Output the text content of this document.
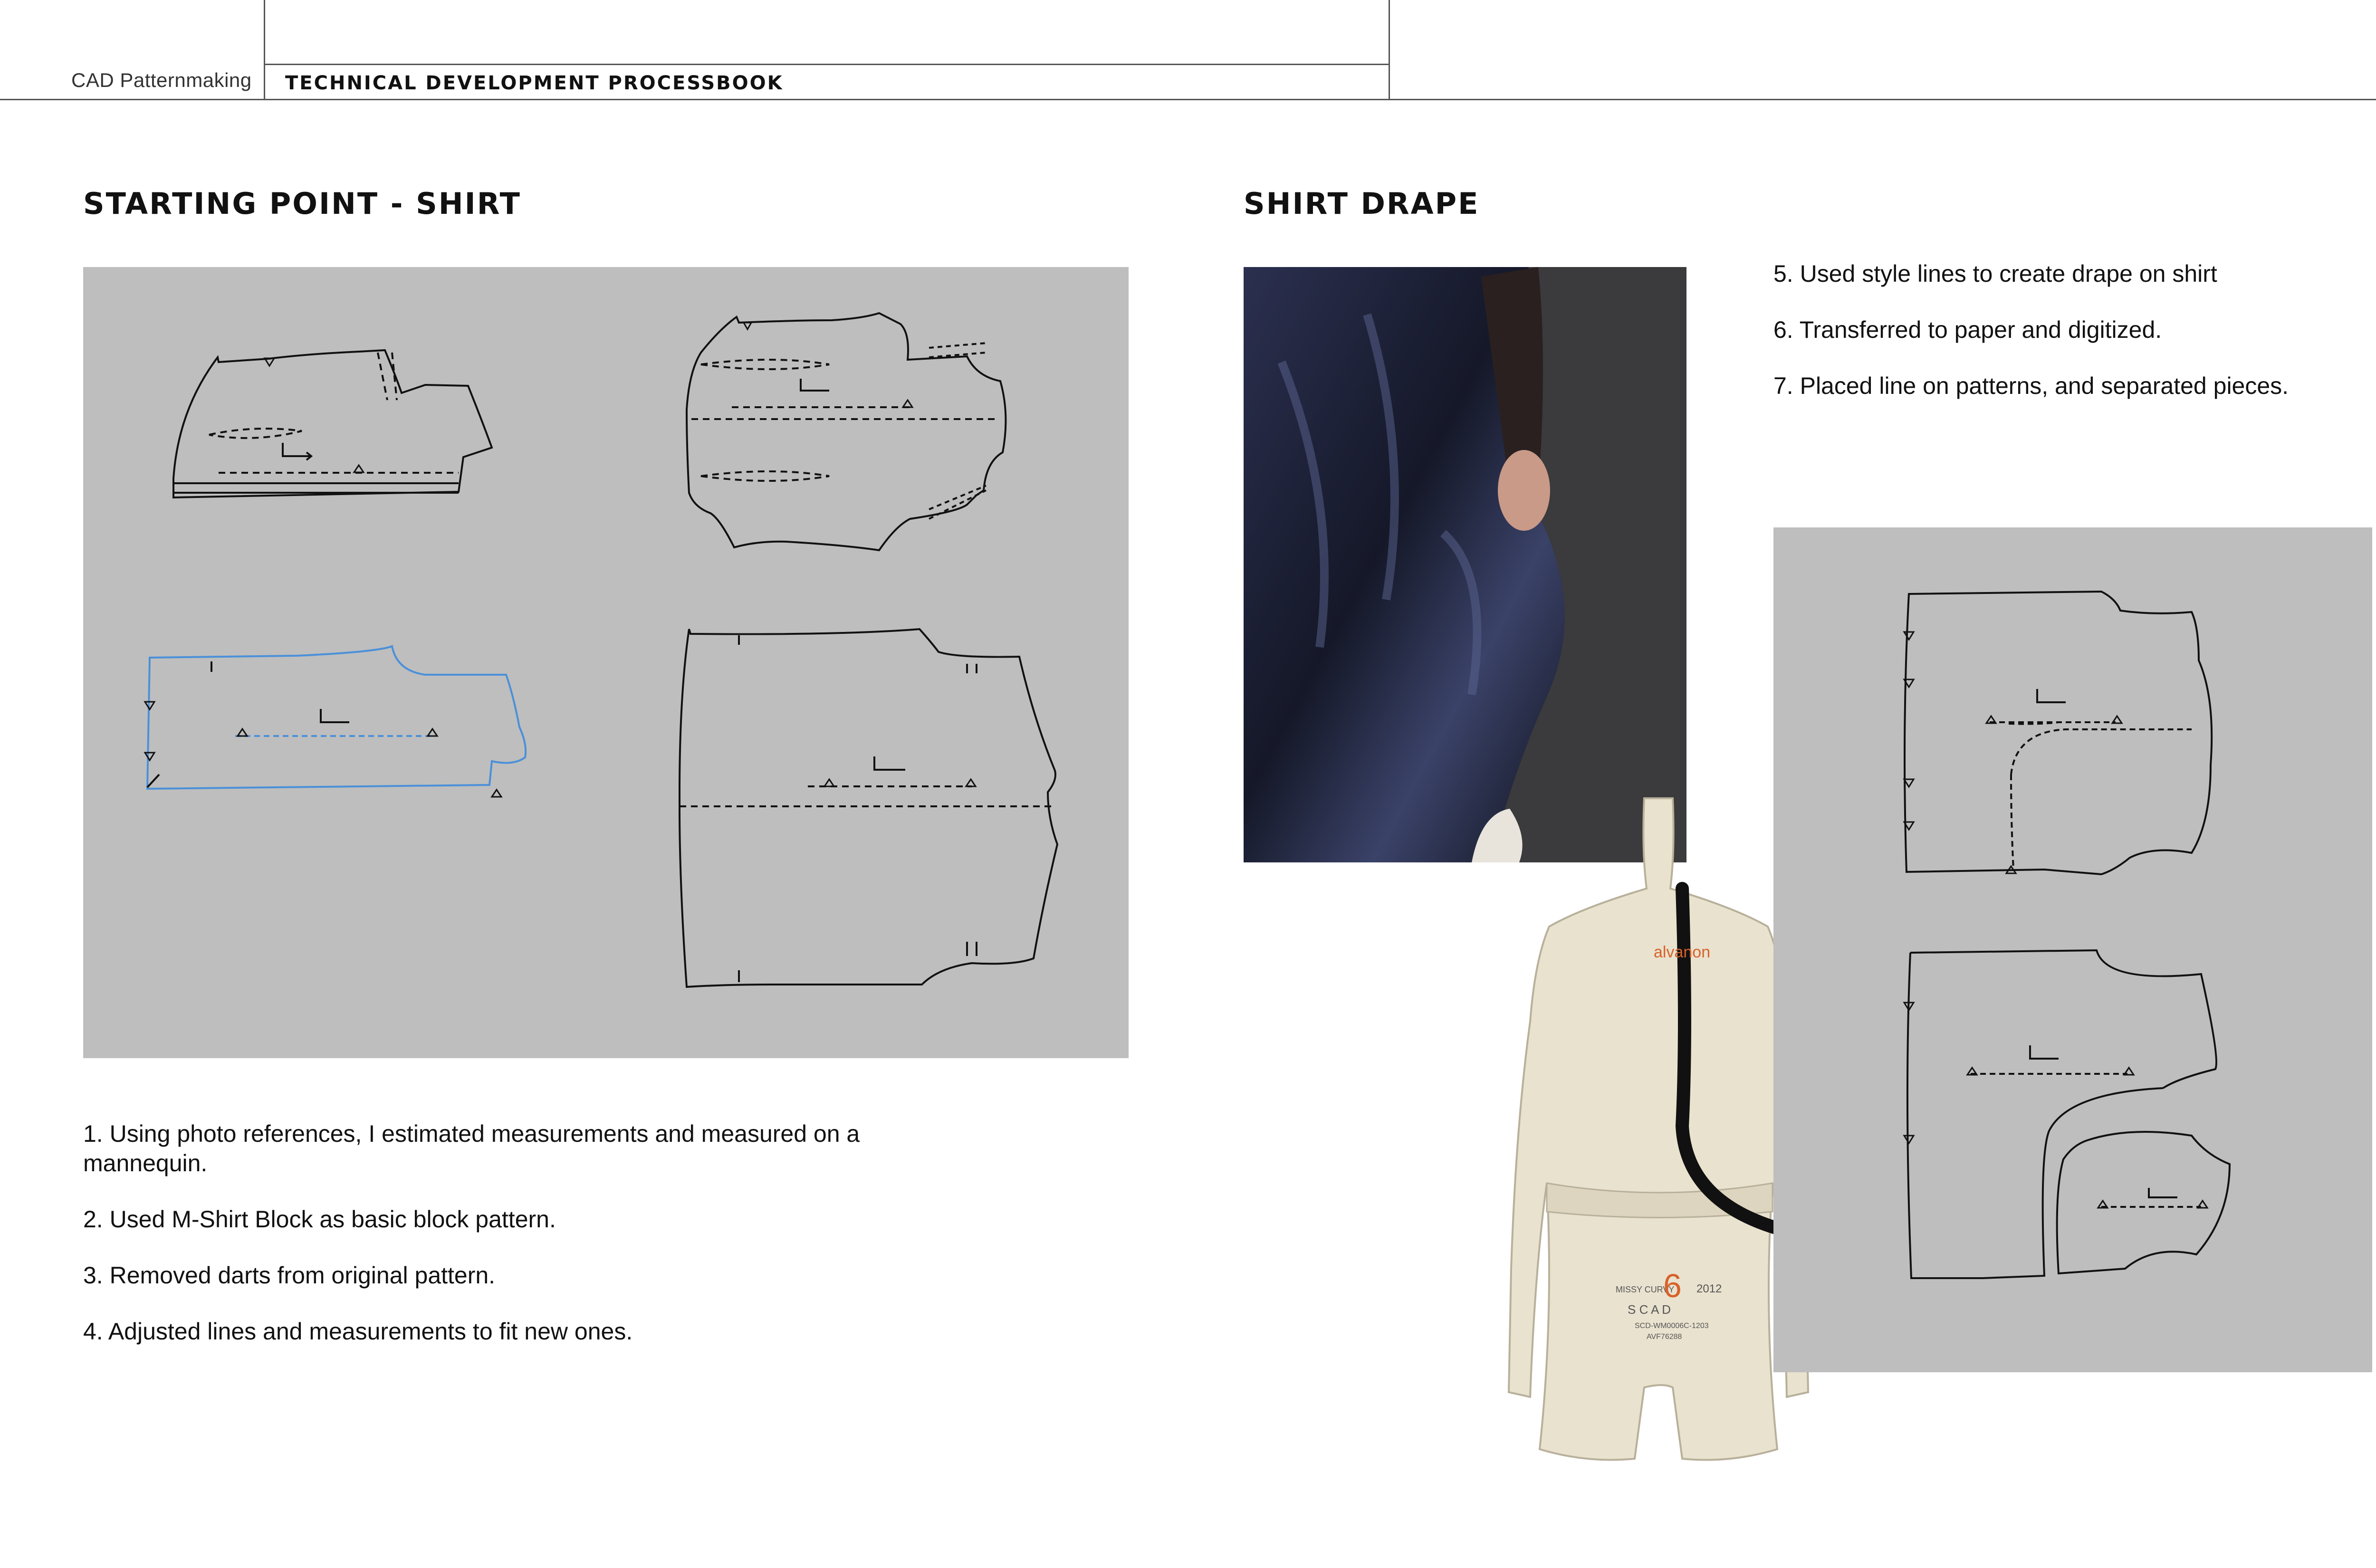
CAD Patternmaking TECHNICAL DEVELOPMENT PROCESSBOOK
STARTING POINT - SHIRT

1. Using photo references, I estimated measurements and measured on a mannequin.

2. Used M-Shirt Block as basic block pattern.

3. Removed darts from original pattern.

4. Adjusted lines and measurements to fit new ones.

SHIRT DRAPE

5. Used style lines to create drape on shirt

6. Transferred to paper and digitized.

7. Placed line on patterns, and separated pieces.

alvanon
MISSY CURVY
6 2012
S C A D
SCD-WM0006C-1203
AVF76288
